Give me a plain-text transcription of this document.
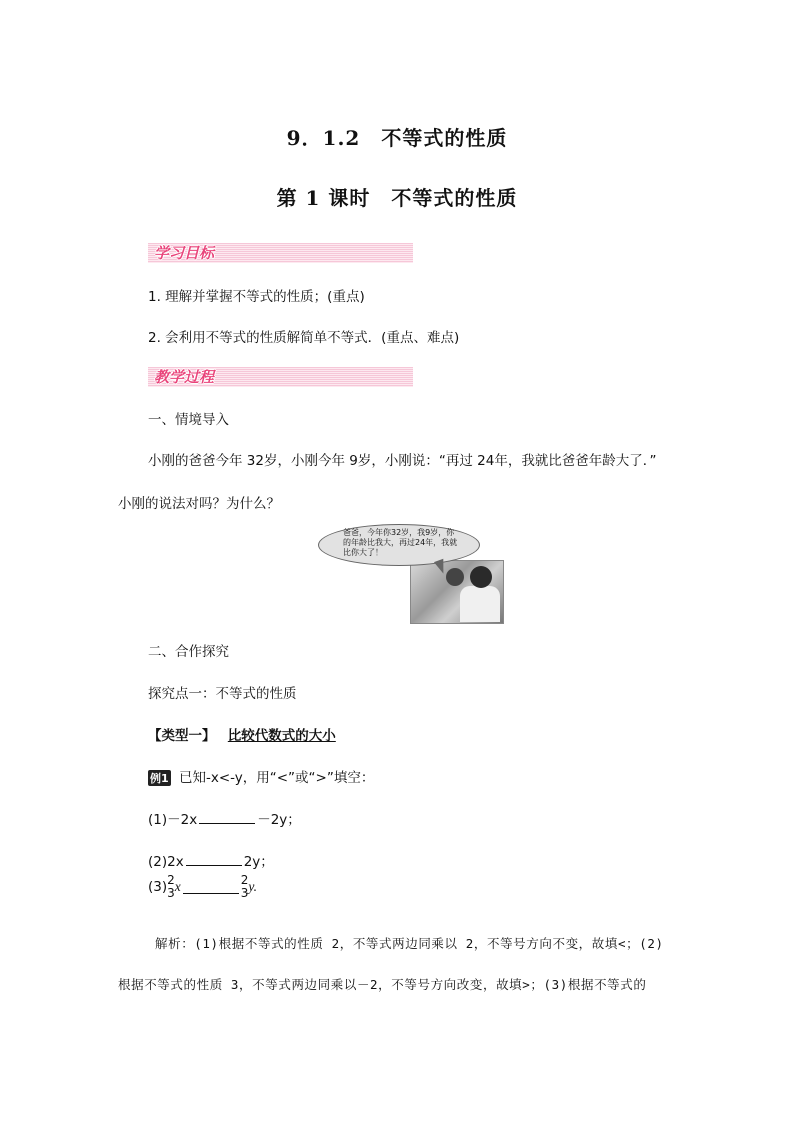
9．1.2　不等式的性质
第 1 课时　不等式的性质
学习目标
1. 理解并掌握不等式的性质；(重点)
2. 会利用不等式的性质解简单不等式．(重点、难点)
教学过程
一、情境导入
小刚的爸爸今年 32岁，小刚今年 9岁，小刚说：“再过 24年，我就比爸爸年龄大了．”
小刚的说法对吗？为什么？
爸爸，今年你32岁，我9岁，你的年龄比我大，再过24年，我就比你大了！
二、合作探究
探究点一：不等式的性质
【类型一】 比较代数式的大小
例1 已知-x<-y，用“<”或“>”填空：
(1)－2x	－2y；
(2)2x	2y；
(3) 2
3 x	2
3 y.
解析：(1)根据不等式的性质 2，不等式两边同乘以 2，不等号方向不变，故填<；(2)
根据不等式的性质 3，不等式两边同乘以－2，不等号方向改变，故填>；(3)根据不等式的
